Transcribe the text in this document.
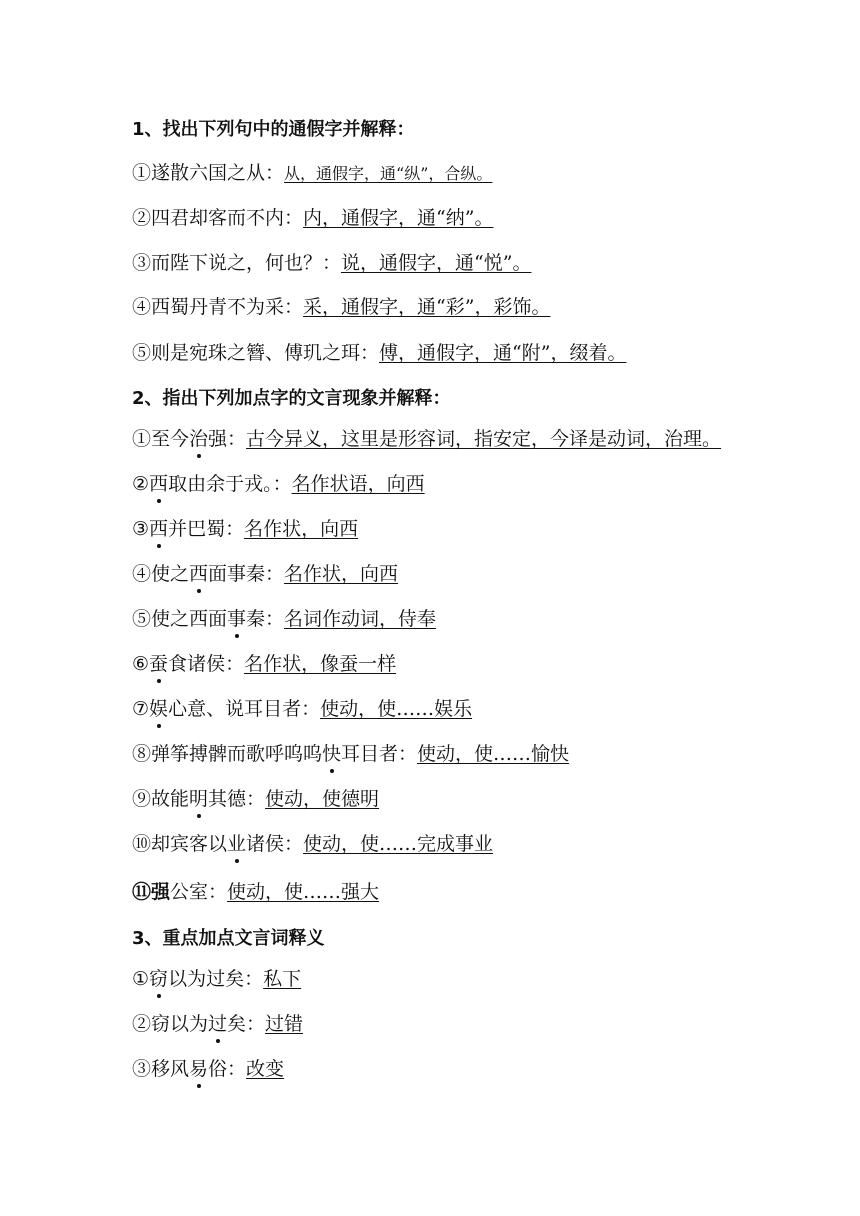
1、找出下列句中的通假字并解释：
①遂散六国之从：从，通假字，通“纵”，合纵。
②四君却客而不内：内，通假字，通“纳”。
③而陛下说之，何也？：说，通假字，通“悦”。
④西蜀丹青不为采：采，通假字，通“彩”，彩饰。
⑤则是宛珠之簪、傅玑之珥：傅，通假字，通“附”，缀着。
2、指出下列加点字的文言现象并解释：
①至今治强：古今异义，这里是形容词，指安定，今译是动词，治理。
②西取由余于戎。：名作状语，向西
③西并巴蜀：名作状，向西
④使之西面事秦：名作状，向西
⑤使之西面事秦：名词作动词，侍奉
⑥蚕食诸侯：名作状，像蚕一样
⑦娱心意、说耳目者：使动，使……娱乐
⑧弹筝搏髀而歌呼呜呜快耳目者：使动，使……愉快
⑨故能明其德：使动，使德明
⑩却宾客以业诸侯：使动，使……完成事业
⑪强公室：使动，使……强大
3、重点加点文言词释义
①窃以为过矣：私下
②窃以为过矣：过错
③移风易俗：改变
